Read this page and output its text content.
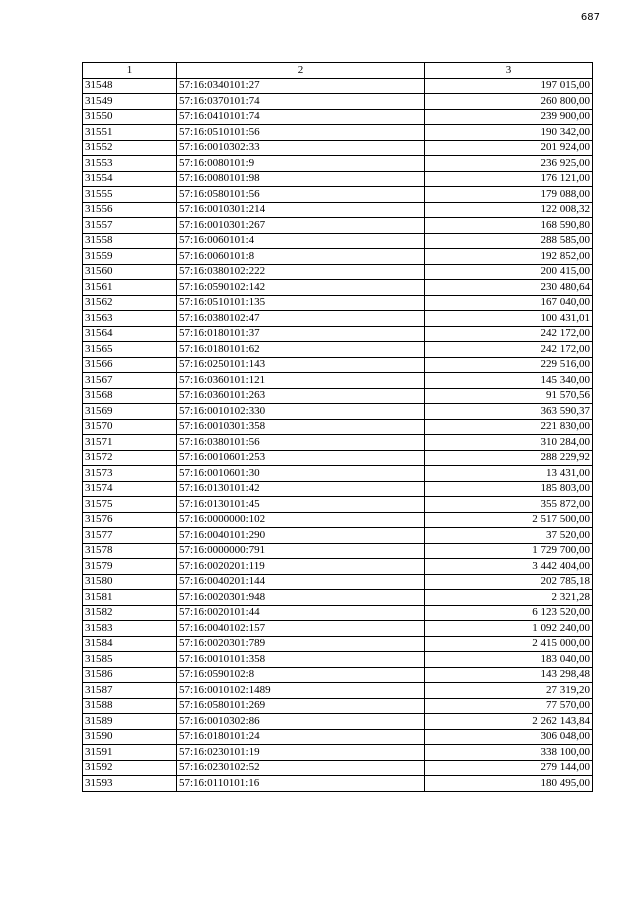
687
1	2	3
31548	57:16:0340101:27	197 015,00
31549	57:16:0370101:74	260 800,00
31550	57:16:0410101:74	239 900,00
31551	57:16:0510101:56	190 342,00
31552	57:16:0010302:33	201 924,00
31553	57:16:0080101:9	236 925,00
31554	57:16:0080101:98	176 121,00
31555	57:16:0580101:56	179 088,00
31556	57:16:0010301:214	122 008,32
31557	57:16:0010301:267	168 590,80
31558	57:16:0060101:4	288 585,00
31559	57:16:0060101:8	192 852,00
31560	57:16:0380102:222	200 415,00
31561	57:16:0590102:142	230 480,64
31562	57:16:0510101:135	167 040,00
31563	57:16:0380102:47	100 431,01
31564	57:16:0180101:37	242 172,00
31565	57:16:0180101:62	242 172,00
31566	57:16:0250101:143	229 516,00
31567	57:16:0360101:121	145 340,00
31568	57:16:0360101:263	91 570,56
31569	57:16:0010102:330	363 590,37
31570	57:16:0010301:358	221 830,00
31571	57:16:0380101:56	310 284,00
31572	57:16:0010601:253	288 229,92
31573	57:16:0010601:30	13 431,00
31574	57:16:0130101:42	185 803,00
31575	57:16:0130101:45	355 872,00
31576	57:16:0000000:102	2 517 500,00
31577	57:16:0040101:290	37 520,00
31578	57:16:0000000:791	1 729 700,00
31579	57:16:0020201:119	3 442 404,00
31580	57:16:0040201:144	202 785,18
31581	57:16:0020301:948	2 321,28
31582	57:16:0020101:44	6 123 520,00
31583	57:16:0040102:157	1 092 240,00
31584	57:16:0020301:789	2 415 000,00
31585	57:16:0010101:358	183 040,00
31586	57:16:0590102:8	143 298,48
31587	57:16:0010102:1489	27 319,20
31588	57:16:0580101:269	77 570,00
31589	57:16:0010302:86	2 262 143,84
31590	57:16:0180101:24	306 048,00
31591	57:16:0230101:19	338 100,00
31592	57:16:0230102:52	279 144,00
31593	57:16:0110101:16	180 495,00
